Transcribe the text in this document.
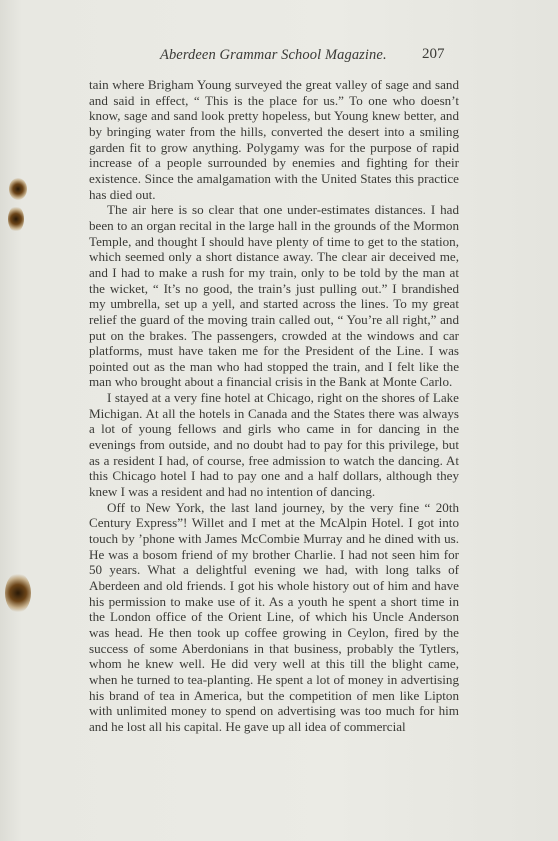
Aberdeen Grammar School Magazine. 207

tain where Brigham Young surveyed the great valley of sage and sand and said in effect, “ This is the place for us.” To one who doesn’t know, sage and sand look pretty hopeless, but Young knew better, and by bringing water from the hills, converted the desert into a smiling garden fit to grow anything. Polygamy was for the purpose of rapid increase of a people surrounded by enemies and fighting for their existence. Since the amalgamation with the United States this practice has died out.

The air here is so clear that one under-estimates distances. I had been to an organ recital in the large hall in the grounds of the Mormon Temple, and thought I should have plenty of time to get to the station, which seemed only a short distance away. The clear air deceived me, and I had to make a rush for my train, only to be told by the man at the wicket, “ It’s no good, the train’s just pulling out.” I brandished my umbrella, set up a yell, and started across the lines. To my great relief the guard of the moving train called out, “ You’re all right,” and put on the brakes. The passengers, crowded at the windows and car platforms, must have taken me for the President of the Line. I was pointed out as the man who had stopped the train, and I felt like the man who brought about a financial crisis in the Bank at Monte Carlo.

I stayed at a very fine hotel at Chicago, right on the shores of Lake Michigan. At all the hotels in Canada and the States there was always a lot of young fellows and girls who came in for dancing in the evenings from outside, and no doubt had to pay for this privilege, but as a resident I had, of course, free admission to watch the dancing. At this Chicago hotel I had to pay one and a half dollars, although they knew I was a resident and had no intention of dancing.

Off to New York, the last land journey, by the very fine “ 20th Century Express”! Willet and I met at the McAlpin Hotel. I got into touch by ’phone with James McCombie Murray and he dined with us. He was a bosom friend of my brother Charlie. I had not seen him for 50 years. What a delightful evening we had, with long talks of Aberdeen and old friends. I got his whole history out of him and have his permission to make use of it. As a youth he spent a short time in the London office of the Orient Line, of which his Uncle Anderson was head. He then took up coffee growing in Ceylon, fired by the success of some Aberdonians in that business, probably the Tytlers, whom he knew well. He did very well at this till the blight came, when he turned to tea-planting. He spent a lot of money in advertising his brand of tea in America, but the competition of men like Lipton with unlimited money to spend on advertising was too much for him and he lost all his capital. He gave up all idea of commercial
